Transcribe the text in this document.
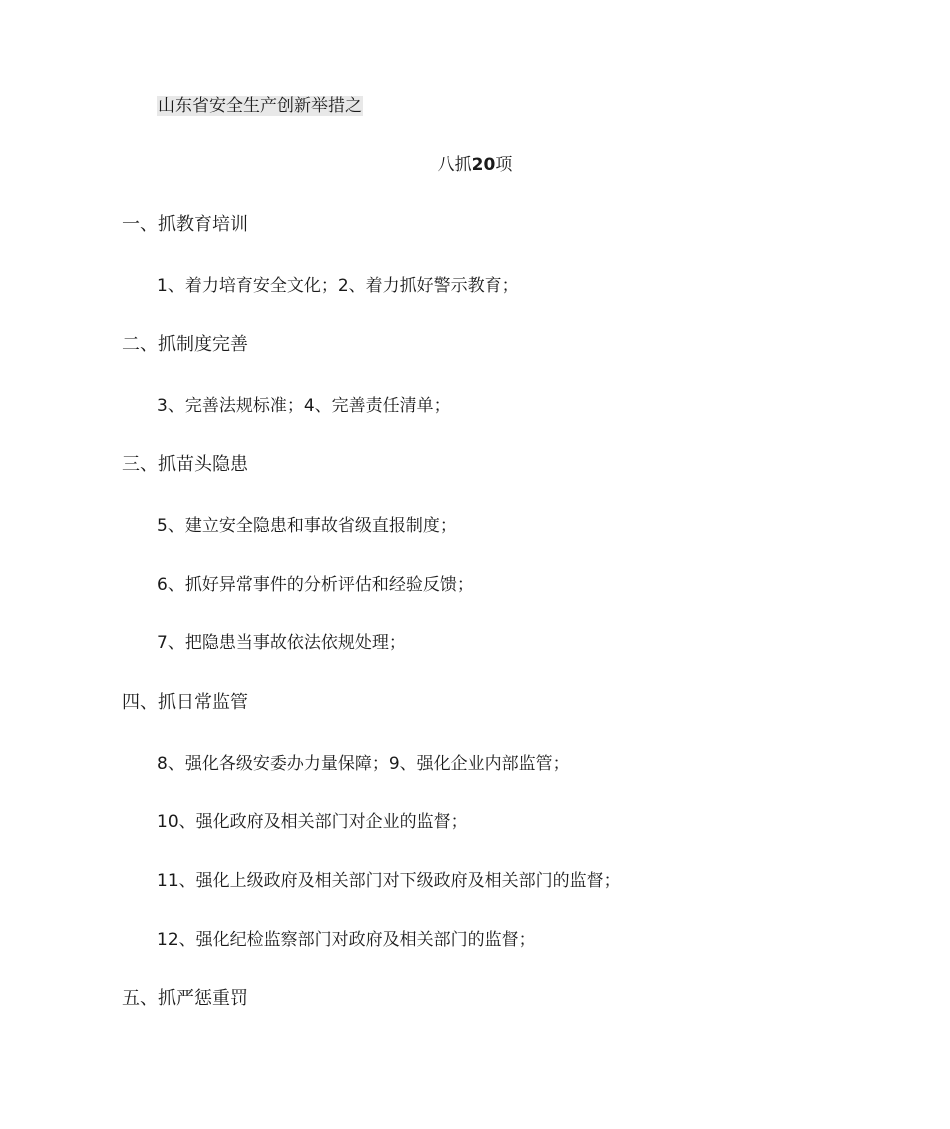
山东省安全生产创新举措之

八抓20项

一、抓教育培训

1、着力培育安全文化；2、着力抓好警示教育；

二、抓制度完善

3、完善法规标准；4、完善责任清单；

三、抓苗头隐患

5、建立安全隐患和事故省级直报制度；

6、抓好异常事件的分析评估和经验反馈；

7、把隐患当事故依法依规处理；

四、抓日常监管

8、强化各级安委办力量保障；9、强化企业内部监管；

10、强化政府及相关部门对企业的监督；

11、强化上级政府及相关部门对下级政府及相关部门的监督；

12、强化纪检监察部门对政府及相关部门的监督；

五、抓严惩重罚
